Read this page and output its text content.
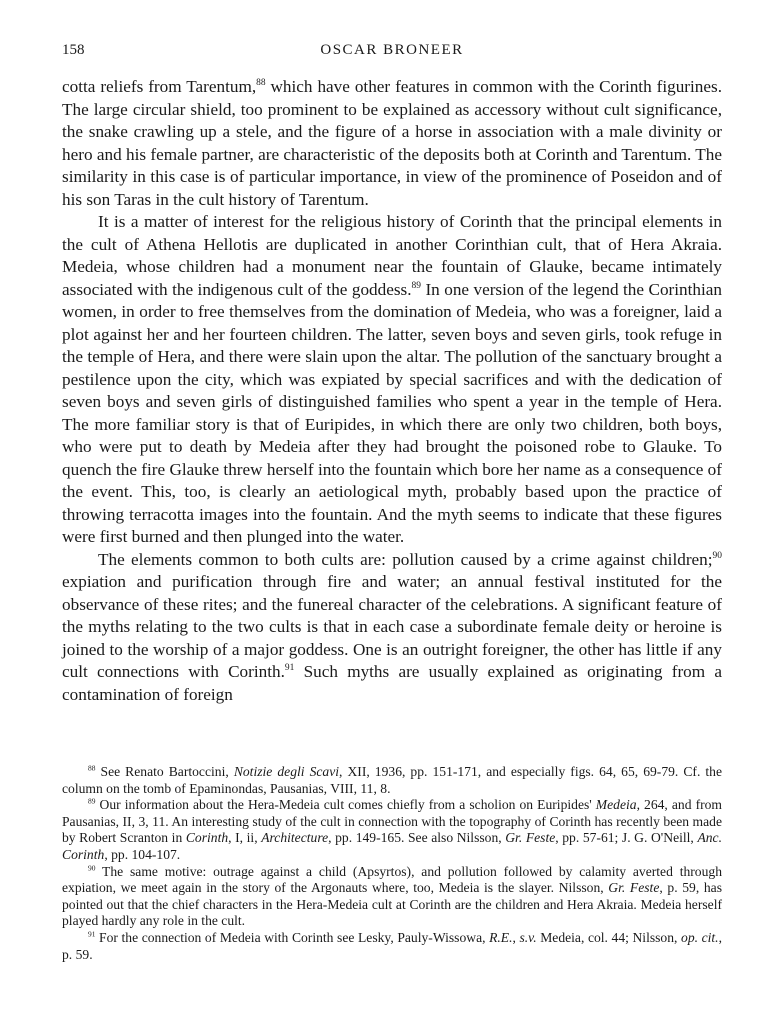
158	OSCAR BRONEER

cotta reliefs from Tarentum,$^{88}$ which have other features in common with the Corinth figurines. The large circular shield, too prominent to be explained as accessory without cult significance, the snake crawling up a stele, and the figure of a horse in association with a male divinity or hero and his female partner, are characteristic of the deposits both at Corinth and Tarentum. The similarity in this case is of particular importance, in view of the prominence of Poseidon and of his son Taras in the cult history of Tarentum.

It is a matter of interest for the religious history of Corinth that the principal elements in the cult of Athena Hellotis are duplicated in another Corinthian cult, that of Hera Akraia. Medeia, whose children had a monument near the fountain of Glauke, became intimately associated with the indigenous cult of the goddess.$^{89}$ In one version of the legend the Corinthian women, in order to free themselves from the domination of Medeia, who was a foreigner, laid a plot against her and her fourteen children. The latter, seven boys and seven girls, took refuge in the temple of Hera, and there were slain upon the altar. The pollution of the sanctuary brought a pestilence upon the city, which was expiated by special sacrifices and with the dedication of seven boys and seven girls of distinguished families who spent a year in the temple of Hera. The more familiar story is that of Euripides, in which there are only two children, both boys, who were put to death by Medeia after they had brought the poisoned robe to Glauke. To quench the fire Glauke threw herself into the fountain which bore her name as a consequence of the event. This, too, is clearly an aetiological myth, probably based upon the practice of throwing terracotta images into the fountain. And the myth seems to indicate that these figures were first burned and then plunged into the water.

The elements common to both cults are: pollution caused by a crime against children;$^{90}$ expiation and purification through fire and water; an annual festival instituted for the observance of these rites; and the funereal character of the celebrations. A significant feature of the myths relating to the two cults is that in each case a subordinate female deity or heroine is joined to the worship of a major goddess. One is an outright foreigner, the other has little if any cult connections with Corinth.$^{91}$ Such myths are usually explained as originating from a contamination of foreign

$^{88}$ See Renato Bartoccini, Notizie degli Scavi, XII, 1936, pp. 151-171, and especially figs. 64, 65, 69-79. Cf. the column on the tomb of Epaminondas, Pausanias, VIII, 11, 8.

$^{89}$ Our information about the Hera-Medeia cult comes chiefly from a scholion on Euripides' Medeia, 264, and from Pausanias, II, 3, 11. An interesting study of the cult in connection with the topography of Corinth has recently been made by Robert Scranton in Corinth, I, ii, Architecture, pp. 149-165. See also Nilsson, Gr. Feste, pp. 57-61; J. G. O'Neill, Anc. Corinth, pp. 104-107.

$^{90}$ The same motive: outrage against a child (Apsyrtos), and pollution followed by calamity averted through expiation, we meet again in the story of the Argonauts where, too, Medeia is the slayer. Nilsson, Gr. Feste, p. 59, has pointed out that the chief characters in the Hera-Medeia cult at Corinth are the children and Hera Akraia. Medeia herself played hardly any role in the cult.

$^{91}$ For the connection of Medeia with Corinth see Lesky, Pauly-Wissowa, R.E., s.v. Medeia, col. 44; Nilsson, op. cit., p. 59.
